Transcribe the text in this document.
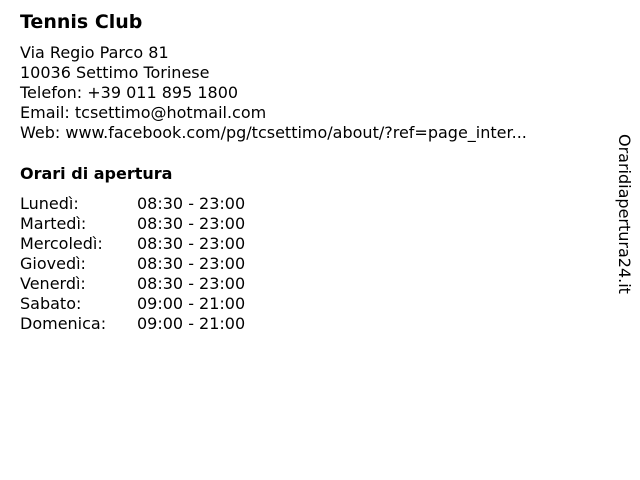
Tennis Club
Via Regio Parco 81
10036 Settimo Torinese
Telefon: +39 011 895 1800
Email: tcsettimo@hotmail.com
Web: www.facebook.com/pg/tcsettimo/about/?ref=page_inter...
Orari di apertura
Lunedì:	08:30 - 23:00
Martedì:	08:30 - 23:00
Mercoledì:	08:30 - 23:00
Giovedì:	08:30 - 23:00
Venerdì:	08:30 - 23:00
Sabato:	09:00 - 21:00
Domenica:	09:00 - 21:00
Oraridiapertura24.it
